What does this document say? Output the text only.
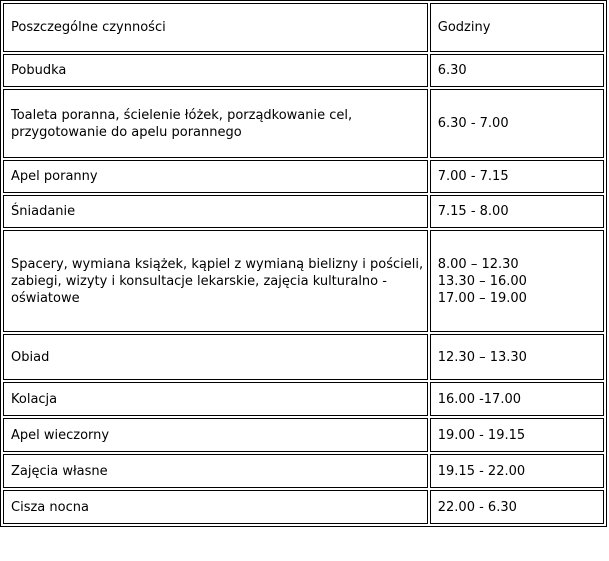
Poszczególne czynności	Godziny
Pobudka	6.30
Toaleta poranna, ścielenie łóżek, porządkowanie cel,
przygotowanie do apelu porannego	6.30 - 7.00
Apel poranny	7.00 - 7.15
Śniadanie	7.15 - 8.00
Spacery, wymiana książek, kąpiel z wymianą bielizny i pościeli,
zabiegi, wizyty i konsultacje lekarskie, zajęcia kulturalno -
oświatowe	8.00 – 12.30
13.30 – 16.00
17.00 – 19.00
Obiad	12.30 – 13.30
Kolacja	16.00 -17.00
Apel wieczorny	19.00 - 19.15
Zajęcia własne	19.15 - 22.00
Cisza nocna	22.00 - 6.30
